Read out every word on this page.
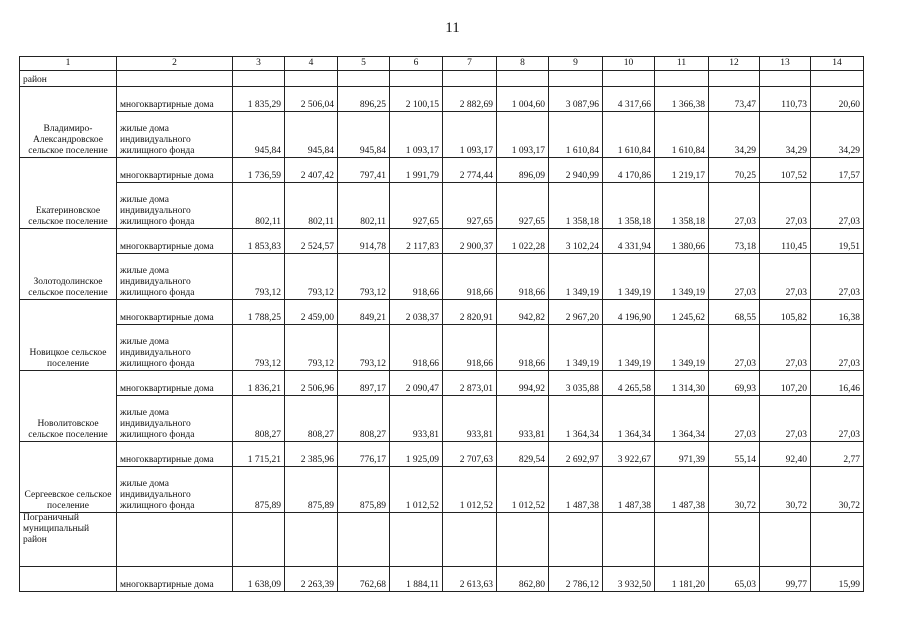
11
1	2	3	4	5	6	7	8	9	10	11	12	13	14
район													
Владимиро-Александровское сельское поселение	многоквартирные дома	1 835,29	2 506,04	896,25	2 100,15	2 882,69	1 004,60	3 087,96	4 317,66	1 366,38	73,47	110,73	20,60
	жилые дома индивидуального жилищного фонда	945,84	945,84	945,84	1 093,17	1 093,17	1 093,17	1 610,84	1 610,84	1 610,84	34,29	34,29	34,29
Екатериновское сельское поселение	многоквартирные дома	1 736,59	2 407,42	797,41	1 991,79	2 774,44	896,09	2 940,99	4 170,86	1 219,17	70,25	107,52	17,57
	жилые дома индивидуального жилищного фонда	802,11	802,11	802,11	927,65	927,65	927,65	1 358,18	1 358,18	1 358,18	27,03	27,03	27,03
Золотодолинское сельское поселение	многоквартирные дома	1 853,83	2 524,57	914,78	2 117,83	2 900,37	1 022,28	3 102,24	4 331,94	1 380,66	73,18	110,45	19,51
	жилые дома индивидуального жилищного фонда	793,12	793,12	793,12	918,66	918,66	918,66	1 349,19	1 349,19	1 349,19	27,03	27,03	27,03
Новицкое сельское поселение	многоквартирные дома	1 788,25	2 459,00	849,21	2 038,37	2 820,91	942,82	2 967,20	4 196,90	1 245,62	68,55	105,82	16,38
	жилые дома индивидуального жилищного фонда	793,12	793,12	793,12	918,66	918,66	918,66	1 349,19	1 349,19	1 349,19	27,03	27,03	27,03
Новолитовское сельское поселение	многоквартирные дома	1 836,21	2 506,96	897,17	2 090,47	2 873,01	994,92	3 035,88	4 265,58	1 314,30	69,93	107,20	16,46
	жилые дома индивидуального жилищного фонда	808,27	808,27	808,27	933,81	933,81	933,81	1 364,34	1 364,34	1 364,34	27,03	27,03	27,03
Сергеевское сельское поселение	многоквартирные дома	1 715,21	2 385,96	776,17	1 925,09	2 707,63	829,54	2 692,97	3 922,67	971,39	55,14	92,40	2,77
	жилые дома индивидуального жилищного фонда	875,89	875,89	875,89	1 012,52	1 012,52	1 012,52	1 487,38	1 487,38	1 487,38	30,72	30,72	30,72
Пограничный муниципальный район													
	многоквартирные дома	1 638,09	2 263,39	762,68	1 884,11	2 613,63	862,80	2 786,12	3 932,50	1 181,20	65,03	99,77	15,99
